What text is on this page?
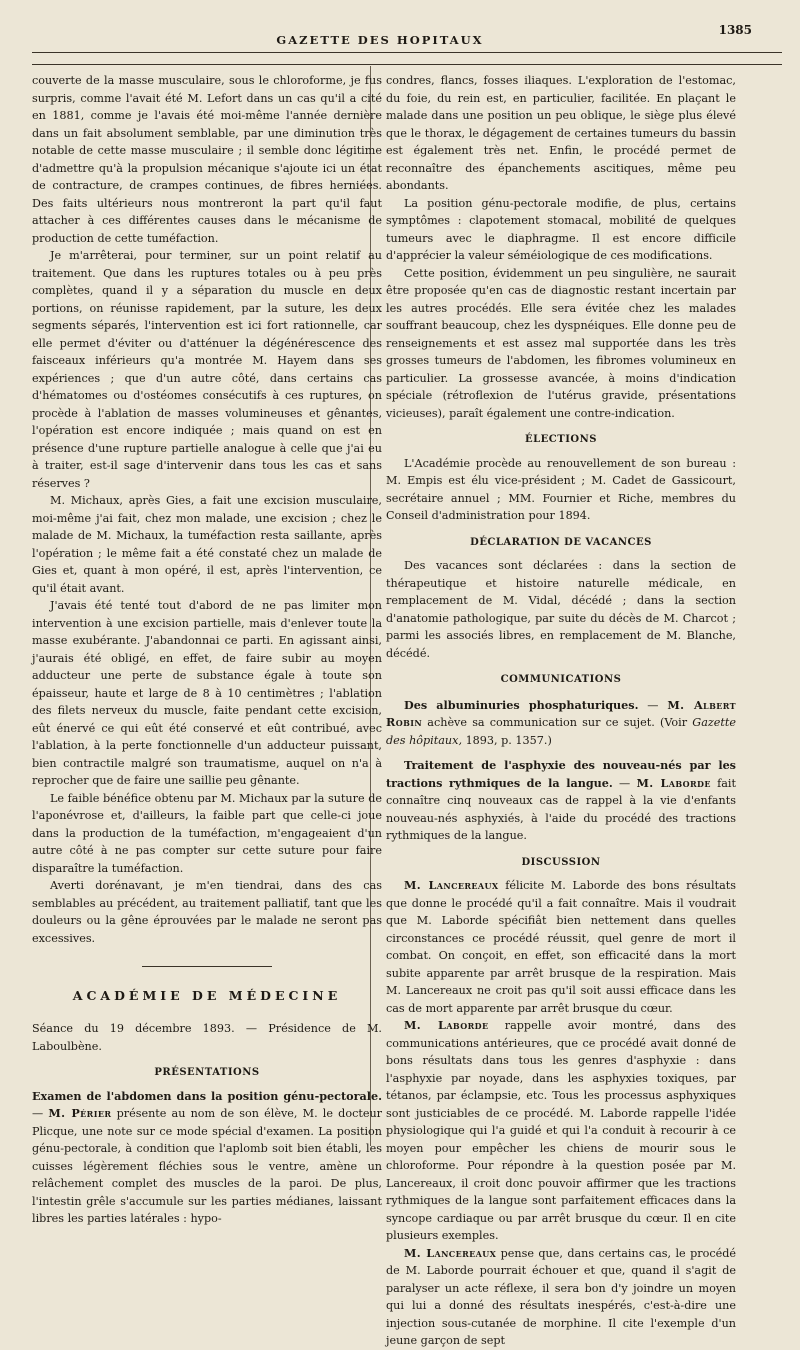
GAZETTE DES HOPITAUX
1385

couverte de la masse musculaire, sous le chloroforme, je fus surpris, comme l'avait été M. Lefort dans un cas qu'il a cité en 1881, comme je l'avais été moi-même l'année dernière dans un fait absolument semblable, par une diminution très notable de cette masse musculaire ; il semble donc légitime d'admettre qu'à la propulsion mécanique s'ajoute ici un état de contracture, de crampes continues, de fibres herniées. Des faits ultérieurs nous montreront la part qu'il faut attacher à ces différentes causes dans le mécanisme de production de cette tuméfaction.

Je m'arrêterai, pour terminer, sur un point relatif au traitement. Que dans les ruptures totales ou à peu près complètes, quand il y a séparation du muscle en deux portions, on réunisse rapidement, par la suture, les deux segments séparés, l'intervention est ici fort rationnelle, car elle permet d'éviter ou d'atténuer la dégénérescence des faisceaux inférieurs qu'a montrée M. Hayem dans ses expériences ; que d'un autre côté, dans certains cas d'hématomes ou d'ostéomes consécutifs à ces ruptures, on procède à l'ablation de masses volumineuses et gênantes, l'opération est encore indiquée ; mais quand on est en présence d'une rupture partielle analogue à celle que j'ai eu à traiter, est-il sage d'intervenir dans tous les cas et sans réserves ?

M. Michaux, après Gies, a fait une excision musculaire, moi-même j'ai fait, chez mon malade, une excision ; chez le malade de M. Michaux, la tuméfaction resta saillante, après l'opération ; le même fait a été constaté chez un malade de Gies et, quant à mon opéré, il est, après l'intervention, ce qu'il était avant.

J'avais été tenté tout d'abord de ne pas limiter mon intervention à une excision partielle, mais d'enlever toute la masse exubérante. J'abandonnai ce parti. En agissant ainsi, j'aurais été obligé, en effet, de faire subir au moyen adducteur une perte de substance égale à toute son épaisseur, haute et large de 8 à 10 centimètres ; l'ablation des filets nerveux du muscle, faite pendant cette excision, eût énervé ce qui eût été conservé et eût contribué, avec l'ablation, à la perte fonctionnelle d'un adducteur puissant, bien contractile malgré son traumatisme, auquel on n'a à reprocher que de faire une saillie peu gênante.

Le faible bénéfice obtenu par M. Michaux par la suture de l'aponévrose et, d'ailleurs, la faible part que celle-ci joue dans la production de la tuméfaction, m'engageaient d'un autre côté à ne pas compter sur cette suture pour faire disparaître la tuméfaction.

Averti dorénavant, je m'en tiendrai, dans des cas semblables au précédent, au traitement palliatif, tant que les douleurs ou la gêne éprouvées par le malade ne seront pas excessives.

ACADÉMIE DE MÉDECINE

Séance du 19 décembre 1893. — Présidence de M. Laboulbène.

PRÉSENTATIONS

Examen de l'abdomen dans la position génu-pectorale. — M. Périer présente au nom de son élève, M. le docteur Plicque, une note sur ce mode spécial d'examen. La position génu-pectorale, à condition que l'aplomb soit bien établi, les cuisses légèrement fléchies sous le ventre, amène un relâchement complet des muscles de la paroi. De plus, l'intestin grêle s'accumule sur les parties médianes, laissant libres les parties latérales : hypo-

condres, flancs, fosses iliaques. L'exploration de l'estomac, du foie, du rein est, en particulier, facilitée. En plaçant le malade dans une position un peu oblique, le siège plus élevé que le thorax, le dégagement de certaines tumeurs du bassin est également très net. Enfin, le procédé permet de reconnaître des épanchements ascitiques, même peu abondants.

La position génu-pectorale modifie, de plus, certains symptômes : clapotement stomacal, mobilité de quelques tumeurs avec le diaphragme. Il est encore difficile d'apprécier la valeur séméiologique de ces modifications.

Cette position, évidemment un peu singulière, ne saurait être proposée qu'en cas de diagnostic restant incertain par les autres procédés. Elle sera évitée chez les malades souffrant beaucoup, chez les dyspnéiques. Elle donne peu de renseignements et est assez mal supportée dans les très grosses tumeurs de l'abdomen, les fibromes volumineux en particulier. La grossesse avancée, à moins d'indication spéciale (rétroflexion de l'utérus gravide, présentations vicieuses), paraît également une contre-indication.

ÉLECTIONS

L'Académie procède au renouvellement de son bureau : M. Empis est élu vice-président ; M. Cadet de Gassicourt, secrétaire annuel ; MM. Fournier et Riche, membres du Conseil d'administration pour 1894.

DÉCLARATION DE VACANCES

Des vacances sont déclarées : dans la section de thérapeutique et histoire naturelle médicale, en remplacement de M. Vidal, décédé ; dans la section d'anatomie pathologique, par suite du décès de M. Charcot ; parmi les associés libres, en remplacement de M. Blanche, décédé.

COMMUNICATIONS

Des albuminuries phosphaturiques. — M. Albert Robin achève sa communication sur ce sujet. (Voir Gazette des hôpitaux, 1893, p. 1357.)

Traitement de l'asphyxie des nouveau-nés par les tractions rythmiques de la langue. — M. Laborde fait connaître cinq nouveaux cas de rappel à la vie d'enfants nouveau-nés asphyxiés, à l'aide du procédé des tractions rythmiques de la langue.

DISCUSSION

M. Lancereaux félicite M. Laborde des bons résultats que donne le procédé qu'il a fait connaître. Mais il voudrait que M. Laborde spécifiât bien nettement dans quelles circonstances ce procédé réussit, quel genre de mort il combat. On conçoit, en effet, son efficacité dans la mort subite apparente par arrêt brusque de la respiration. Mais M. Lancereaux ne croit pas qu'il soit aussi efficace dans les cas de mort apparente par arrêt brusque du cœur.

M. Laborde rappelle avoir montré, dans des communications antérieures, que ce procédé avait donné de bons résultats dans tous les genres d'asphyxie : dans l'asphyxie par noyade, dans les asphyxies toxiques, par tétanos, par éclampsie, etc. Tous les processus asphyxiques sont justiciables de ce procédé. M. Laborde rappelle l'idée physiologique qui l'a guidé et qui l'a conduit à recourir à ce moyen pour empêcher les chiens de mourir sous le chloroforme. Pour répondre à la question posée par M. Lancereaux, il croit donc pouvoir affirmer que les tractions rythmiques de la langue sont parfaitement efficaces dans la syncope cardiaque ou par arrêt brusque du cœur. Il en cite plusieurs exemples.

M. Lancereaux pense que, dans certains cas, le procédé de M. Laborde pourrait échouer et que, quand il s'agit de paralyser un acte réflexe, il sera bon d'y joindre un moyen qui lui a donné des résultats inespérés, c'est-à-dire une injection sous-cutanée de morphine. Il cite l'exemple d'un jeune garçon de sept
